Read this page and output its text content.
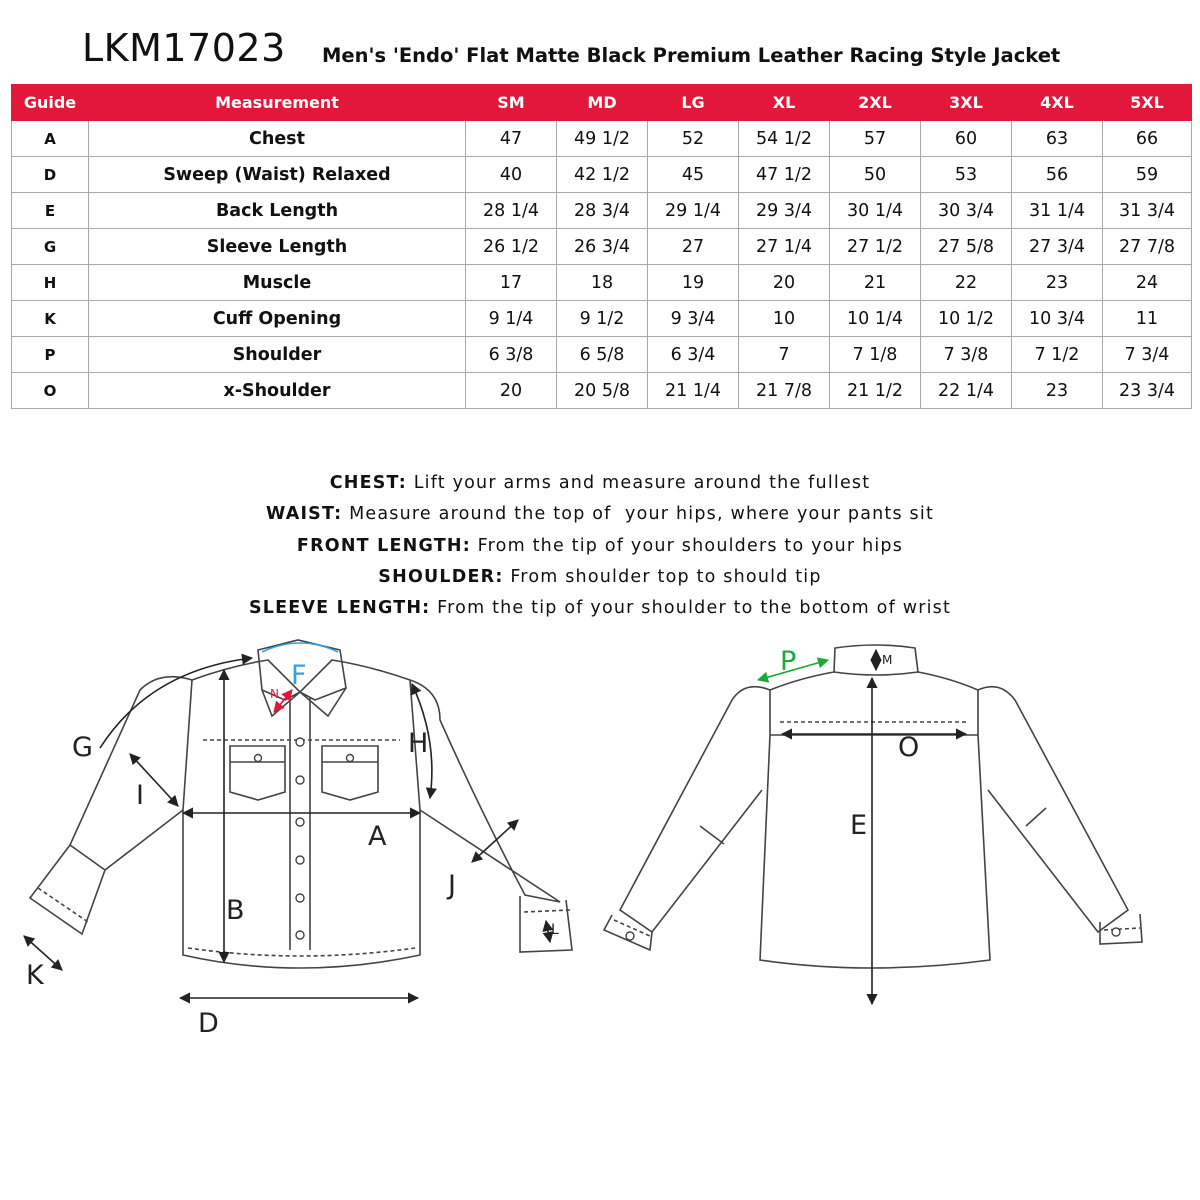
LKM17023 Men's 'Endo' Flat Matte Black Premium Leather Racing Style Jacket
Guide	Measurement	SM	MD	LG	XL	2XL	3XL	4XL	5XL
A	Chest	47	49 1/2	52	54 1/2	57	60	63	66
D	Sweep (Waist) Relaxed	40	42 1/2	45	47 1/2	50	53	56	59
E	Back Length	28 1/4	28 3/4	29 1/4	29 3/4	30 1/4	30 3/4	31 1/4	31 3/4
G	Sleeve Length	26 1/2	26 3/4	27	27 1/4	27 1/2	27 5/8	27 3/4	27 7/8
H	Muscle	17	18	19	20	21	22	23	24
K	Cuff Opening	9 1/4	9 1/2	9 3/4	10	10 1/4	10 1/2	10 3/4	11
P	Shoulder	6 3/8	6 5/8	6 3/4	7	7 1/8	7 3/8	7 1/2	7 3/4
O	x-Shoulder	20	20 5/8	21 1/4	21 7/8	21 1/2	22 1/4	23	23 3/4
CHEST: Lift your arms and measure around the fullest
WAIST: Measure around the top of  your hips, where your pants sit
FRONT LENGTH: From the tip of your shoulders to your hips
SHOULDER: From shoulder top to should tip
SLEEVE LENGTH: From the tip of your shoulder to the bottom of wrist
F
N
G	H
I
A
J
B
K
L
D
P	M
O
E
